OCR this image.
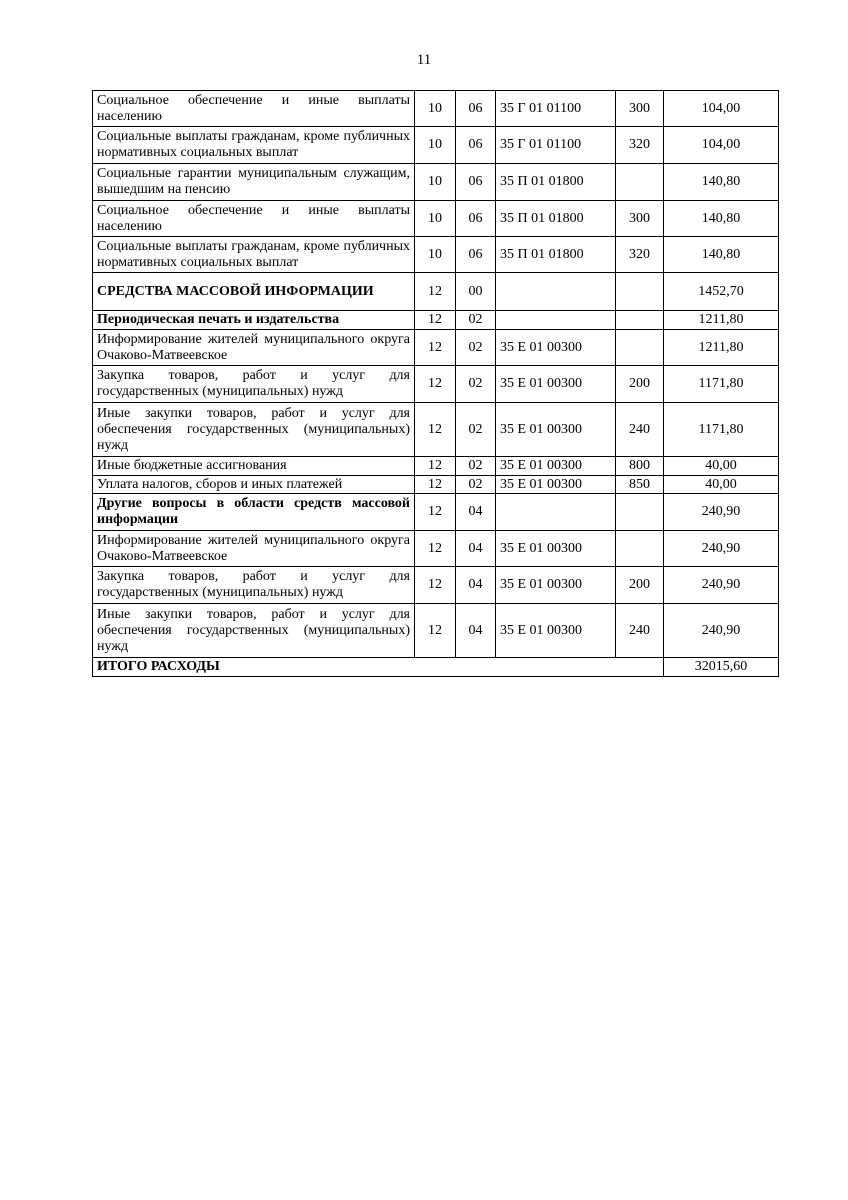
11
Социальное обеспечение и иные выплаты населению	10	06	35 Г 01 01100	300	104,00
Социальные выплаты гражданам, кроме публичных нормативных социальных выплат	10	06	35 Г 01 01100	320	104,00
Социальные гарантии муниципальным служащим, вышедшим на пенсию	10	06	35 П 01 01800		140,80
Социальное обеспечение и иные выплаты населению	10	06	35 П 01 01800	300	140,80
Социальные выплаты гражданам, кроме публичных нормативных социальных выплат	10	06	35 П 01 01800	320	140,80
СРЕДСТВА МАССОВОЙ ИНФОРМАЦИИ	12	00			1452,70
Периодическая печать и издательства	12	02			1211,80
Информирование жителей муниципального округа Очаково-Матвеевское	12	02	35 Е 01 00300		1211,80
Закупка товаров, работ и услуг для государственных (муниципальных) нужд	12	02	35 Е 01 00300	200	1171,80
Иные закупки товаров, работ и услуг для обеспечения государственных (муниципальных) нужд	12	02	35 Е 01 00300	240	1171,80
Иные бюджетные ассигнования	12	02	35 Е 01 00300	800	40,00
Уплата налогов, сборов и иных платежей	12	02	35 Е 01 00300	850	40,00
Другие вопросы в области средств массовой информации	12	04			240,90
Информирование жителей муниципального округа Очаково-Матвеевское	12	04	35 Е 01 00300		240,90
Закупка товаров, работ и услуг для государственных (муниципальных) нужд	12	04	35 Е 01 00300	200	240,90
Иные закупки товаров, работ и услуг для обеспечения государственных (муниципальных) нужд	12	04	35 Е 01 00300	240	240,90
ИТОГО РАСХОДЫ					32015,60
